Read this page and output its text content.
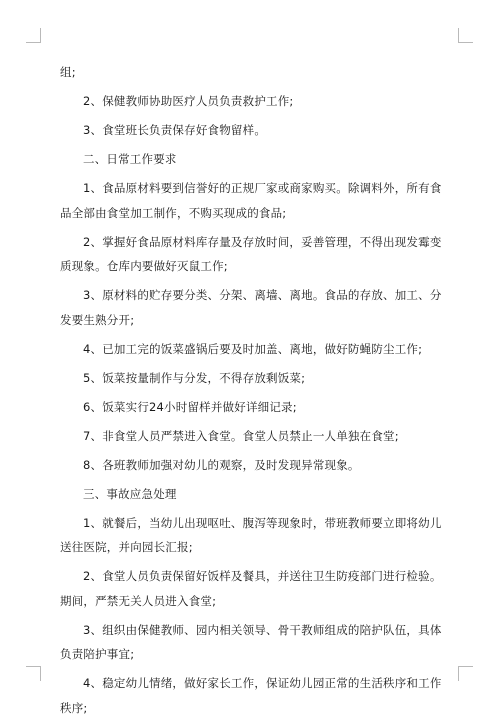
组;

2、保健教师协助医疗人员负责救护工作;

3、食堂班长负责保存好食物留样。

二、日常工作要求

1、食品原材料要到信誉好的正规厂家或商家购买。除调料外，所有食品全部由食堂加工制作，不购买现成的食品;

2、掌握好食品原材料库存量及存放时间，妥善管理，不得出现发霉变质现象。仓库内要做好灭鼠工作;

3、原材料的贮存要分类、分架、离墙、离地。食品的存放、加工、分发要生熟分开;

4、已加工完的饭菜盛锅后要及时加盖、离地，做好防蝇防尘工作;

5、饭菜按量制作与分发，不得存放剩饭菜;

6、饭菜实行24小时留样并做好详细记录;

7、非食堂人员严禁进入食堂。食堂人员禁止一人单独在食堂;

8、各班教师加强对幼儿的观察，及时发现异常现象。

三、事故应急处理

1、就餐后，当幼儿出现呕吐、腹泻等现象时，带班教师要立即将幼儿送往医院，并向园长汇报;

2、食堂人员负责保留好饭样及餐具，并送往卫生防疫部门进行检验。期间，严禁无关人员进入食堂;

3、组织由保健教师、园内相关领导、骨干教师组成的陪护队伍，具体负责陪护事宜;

4、稳定幼儿情绪，做好家长工作，保证幼儿园正常的生活秩序和工作秩序;
